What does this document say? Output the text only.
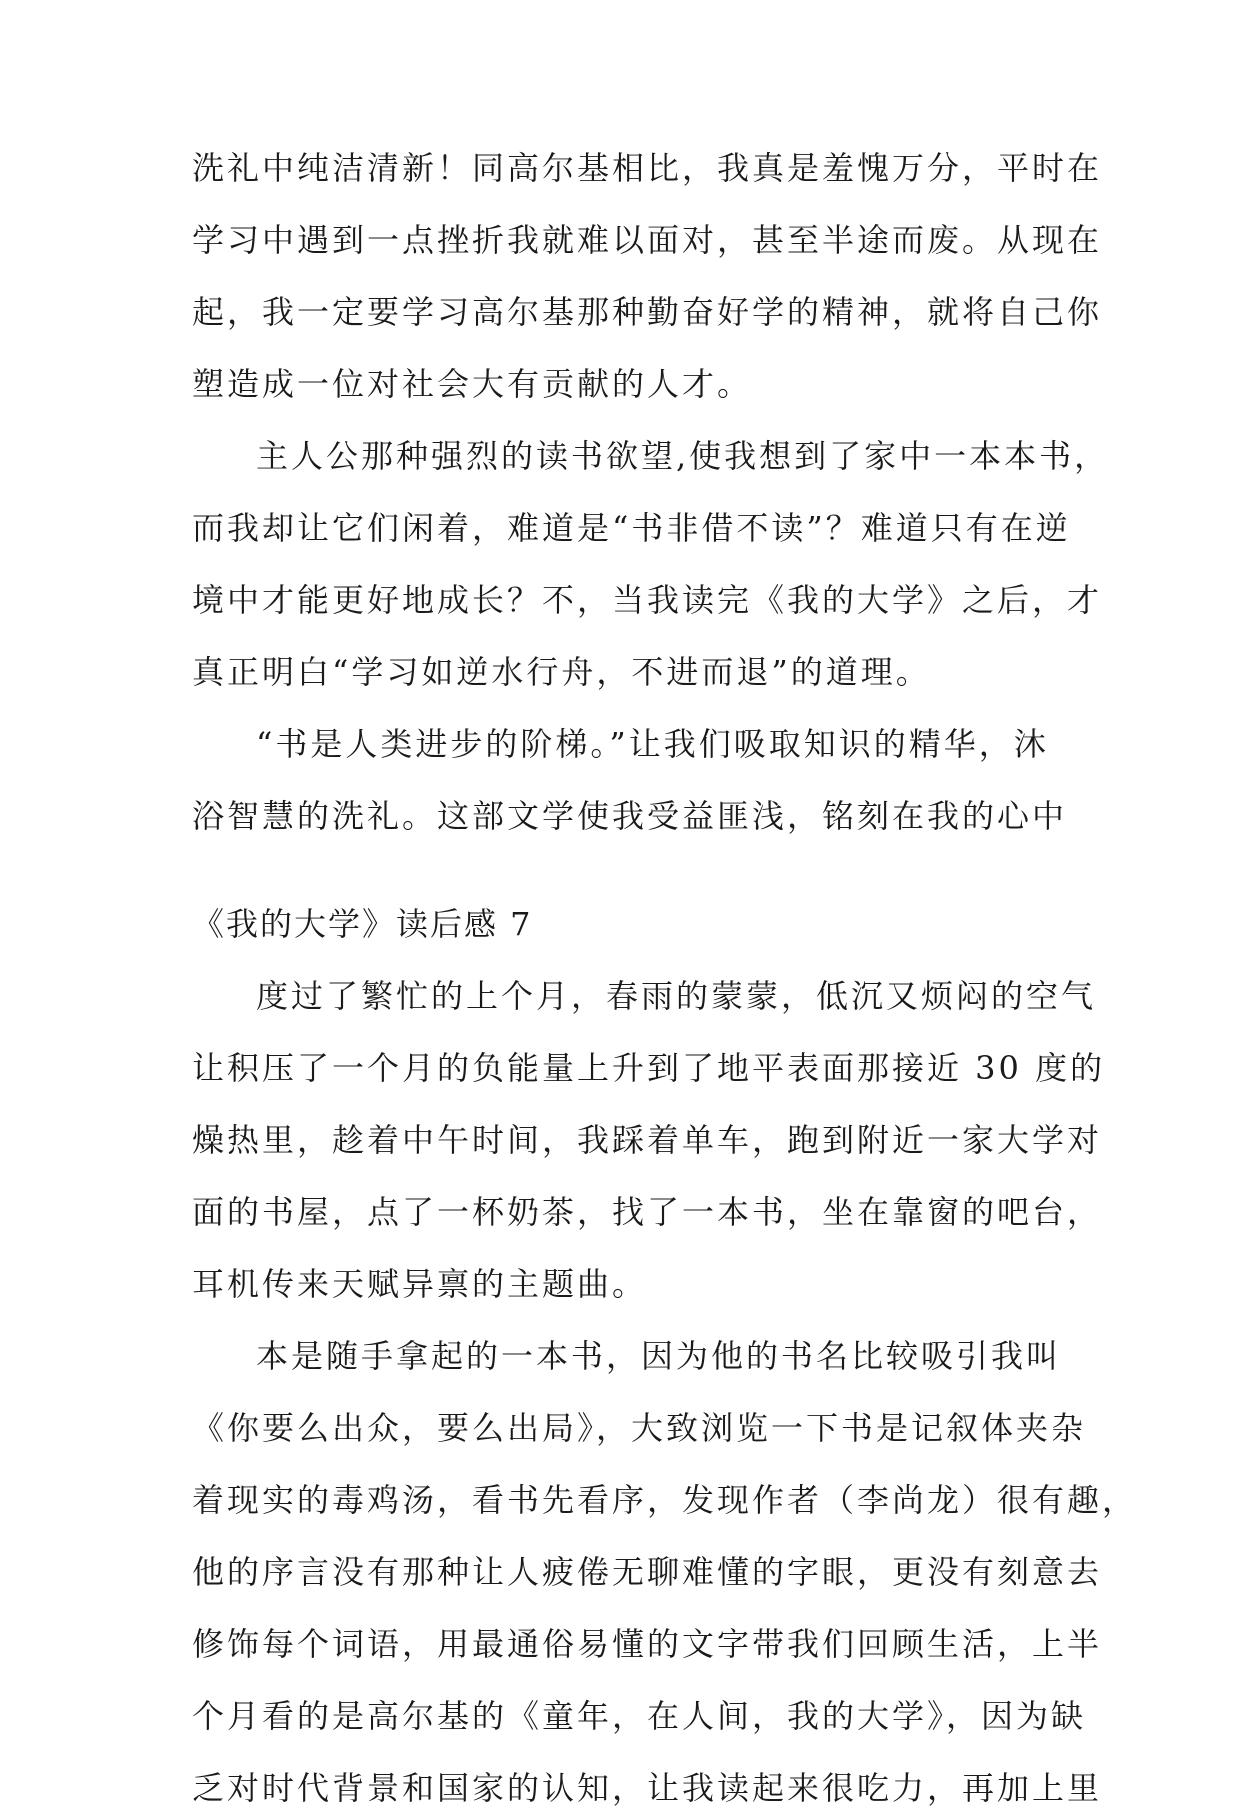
洗礼中纯洁清新！同高尔基相比，我真是羞愧万分，平时在
学习中遇到一点挫折我就难以面对，甚至半途而废。从现在
起，我一定要学习高尔基那种勤奋好学的精神，就将自己你
塑造成一位对社会大有贡献的人才。
主人公那种强烈的读书欲望,使我想到了家中一本本书，
而我却让它们闲着，难道是“书非借不读”？难道只有在逆
境中才能更好地成长？不，当我读完《我的大学》之后，才
真正明白“学习如逆水行舟，不进而退”的道理。
“书是人类进步的阶梯。”让我们吸取知识的精华，沐
浴智慧的洗礼。这部文学使我受益匪浅，铭刻在我的心中
《我的大学》读后感 7
度过了繁忙的上个月，春雨的蒙蒙，低沉又烦闷的空气
让积压了一个月的负能量上升到了地平表面那接近 30 度的
燥热里，趁着中午时间，我踩着单车，跑到附近一家大学对
面的书屋，点了一杯奶茶，找了一本书，坐在靠窗的吧台，
耳机传来天赋异禀的主题曲。
本是随手拿起的一本书，因为他的书名比较吸引我叫
《你要么出众，要么出局》，大致浏览一下书是记叙体夹杂
着现实的毒鸡汤，看书先看序，发现作者（李尚龙）很有趣，
他的序言没有那种让人疲倦无聊难懂的字眼，更没有刻意去
修饰每个词语，用最通俗易懂的文字带我们回顾生活，上半
个月看的是高尔基的《童年，在人间，我的大学》，因为缺
乏对时代背景和国家的认知，让我读起来很吃力，再加上里
